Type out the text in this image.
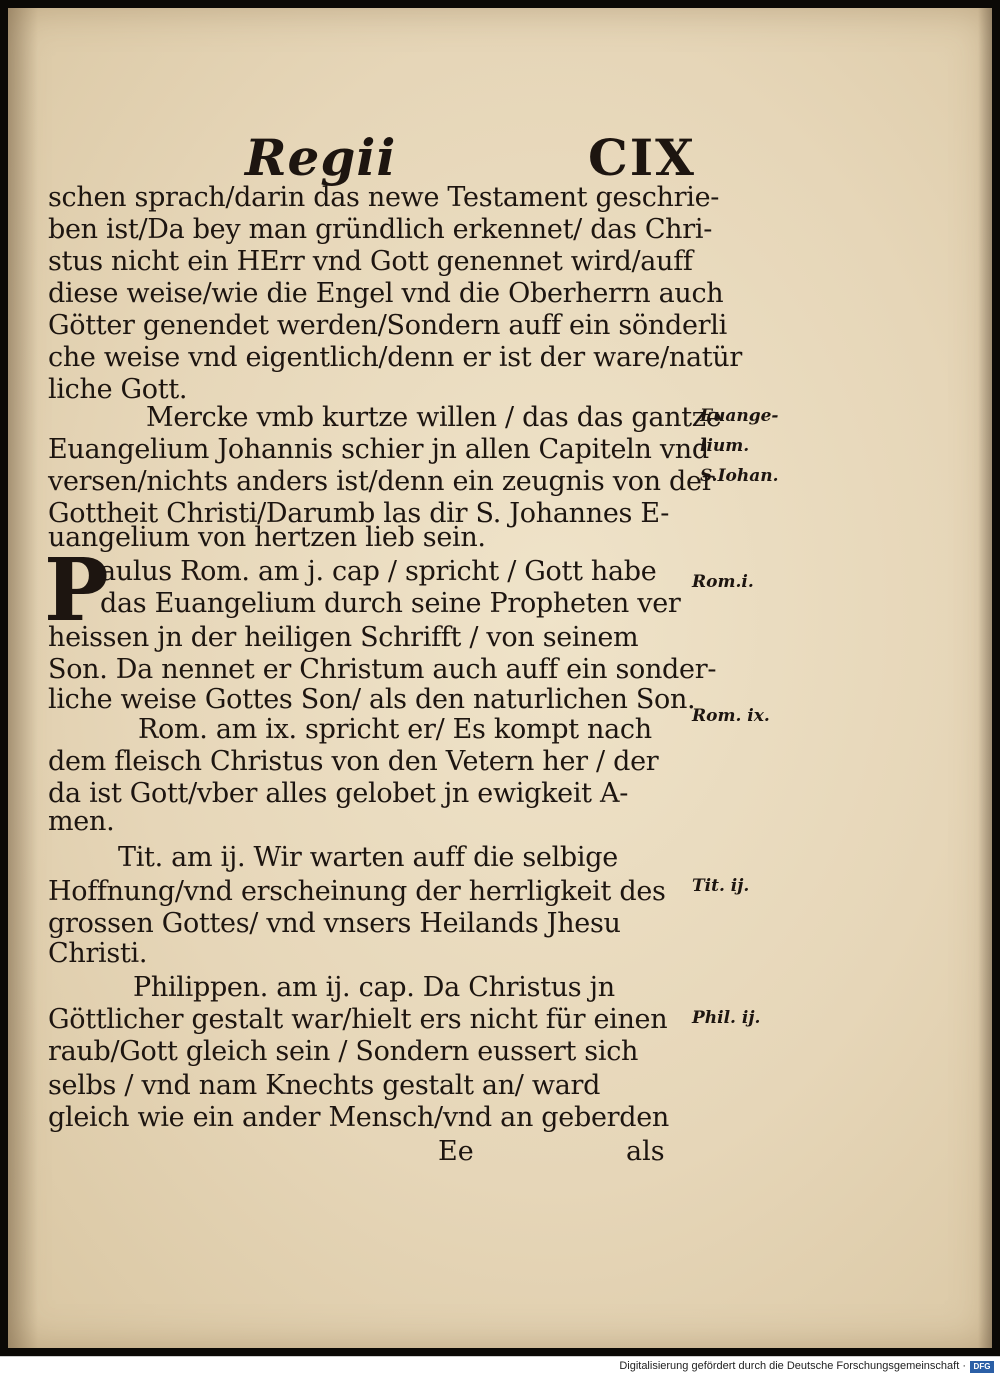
Regii	CIX
P
schen sprach/darin das newe Testament geschrie-
ben ist/Da bey man gründlich erkennet/ das Chri-
stus nicht ein HErr vnd Gott genennet wird/auff
diese weise/wie die Engel vnd die Oberherrn auch
Götter genendet werden/Sondern auff ein sönderli
che weise vnd eigentlich/denn er ist der ware/natür
liche Gott.
Mercke vmb kurtze willen / das das gantze
Euangelium Johannis schier jn allen Capiteln vnd
versen/nichts anders ist/denn ein zeugnis von der
Gottheit Christi/Darumb las dir S. Johannes E-
uangelium von hertzen lieb sein.
aulus Rom. am j. cap / spricht / Gott habe
das Euangelium durch seine Propheten ver
heissen jn der heiligen Schrifft / von seinem
Son. Da nennet er Christum auch auff ein sonder-
liche weise Gottes Son/ als den naturlichen Son.
Rom. am ix. spricht er/ Es kompt nach
dem fleisch Christus von den Vetern her / der
da ist Gott/vber alles gelobet jn ewigkeit A-
men.
Tit. am ij. Wir warten auff die selbige
Hoffnung/vnd erscheinung der herrligkeit des
grossen Gottes/ vnd vnsers Heilands Jhesu
Christi.
Philippen. am ij. cap. Da Christus jn
Göttlicher gestalt war/hielt ers nicht für einen
raub/Gott gleich sein / Sondern eussert sich
selbs / vnd nam Knechts gestalt an/ ward
gleich wie ein ander Mensch/vnd an geberden
Ee	als
Euange-
lium.
S.Iohan.
Rom.i.
Rom. ix.
Tit. ij.
Phil. ij.
Digitalisierung gefördert durch die Deutsche Forschungsgemeinschaft · DFG
